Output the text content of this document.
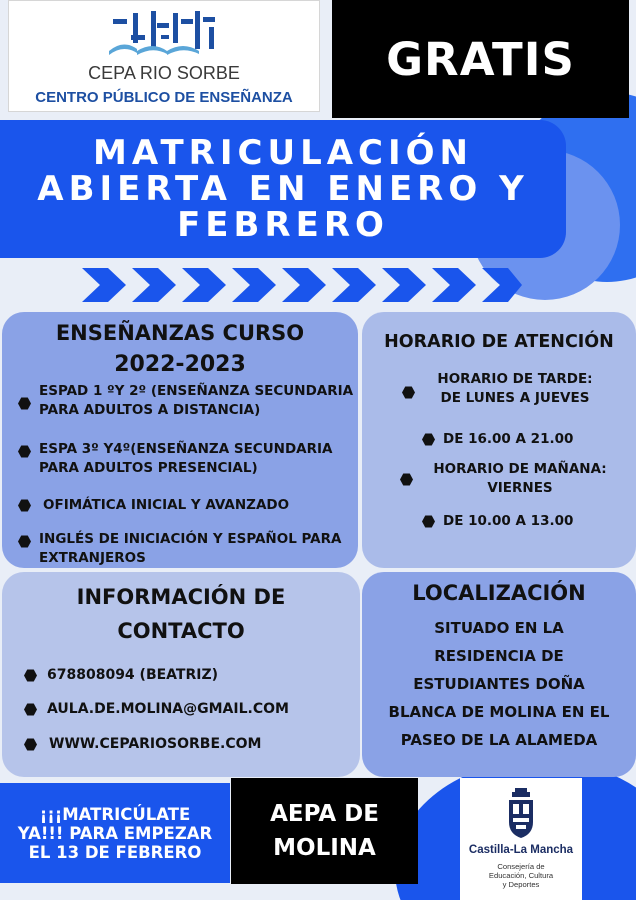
CEPA RIO SORBE
CENTRO PÚBLICO DE ENSEÑANZA
GRATIS
MATRICULACIÓN
ABIERTA EN ENERO Y
FEBRERO
ENSEÑANZAS CURSO
2022-2023
ESPAD 1 ºY 2º (ENSEÑANZA SECUNDARIA PARA ADULTOS A DISTANCIA)
ESPA 3º Y4º(ENSEÑANZA SECUNDARIA PARA ADULTOS PRESENCIAL)
OFIMÁTICA INICIAL Y AVANZADO
INGLÉS DE INICIACIÓN Y ESPAÑOL PARA EXTRANJEROS
HORARIO DE ATENCIÓN
HORARIO DE TARDE:
DE LUNES A JUEVES
DE 16.00 A 21.00
HORARIO DE MAÑANA:
VIERNES
DE 10.00 A 13.00
INFORMACIÓN DE
CONTACTO
678808094 (BEATRIZ)
AULA.DE.MOLINA@GMAIL.COM
WWW.CEPARIOSORBE.COM
LOCALIZACIÓN
SITUADO EN LA
RESIDENCIA DE
ESTUDIANTES DOÑA
BLANCA DE MOLINA EN EL
PASEO DE LA ALAMEDA
¡¡¡MATRICÚLATE
YA!!! PARA EMPEZAR
EL 13 DE FEBRERO
AEPA DE
MOLINA	Castilla-La Mancha
Consejería de
Educación, Cultura
y Deportes
